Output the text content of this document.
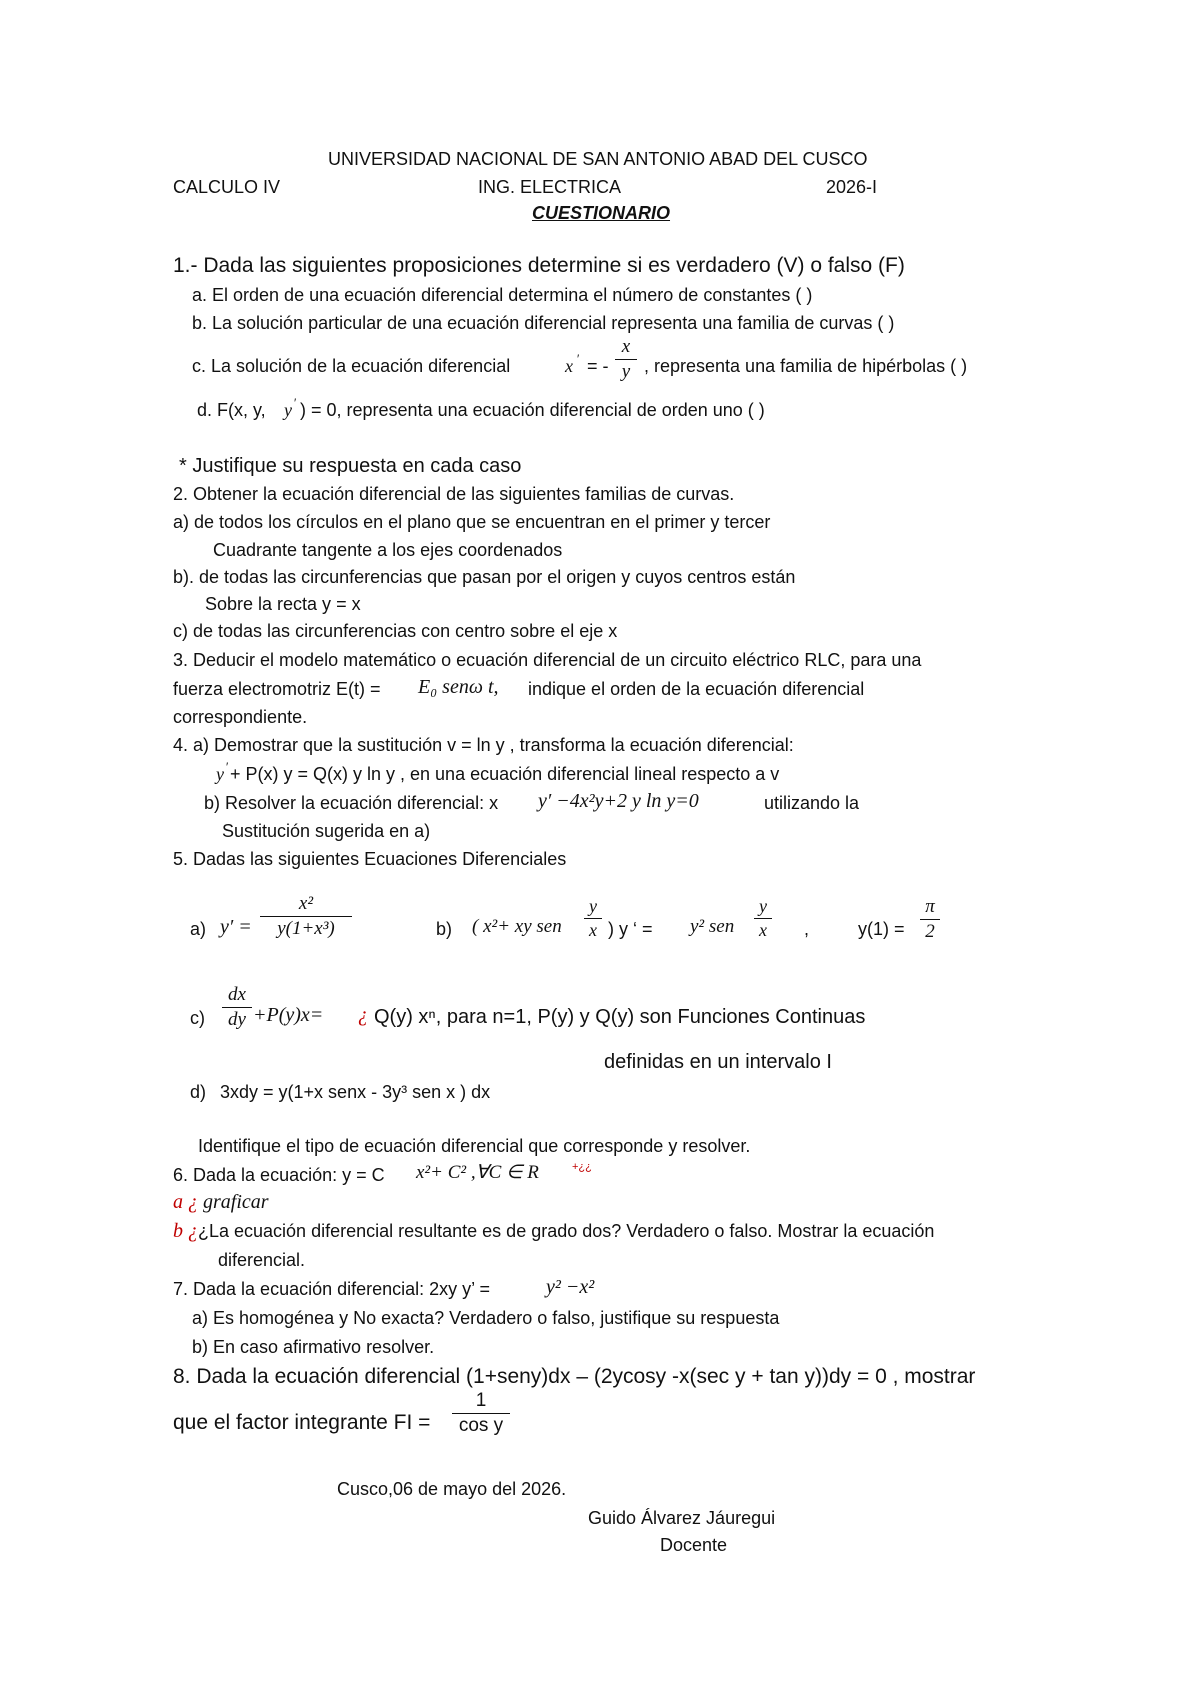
UNIVERSIDAD NACIONAL DE SAN ANTONIO ABAD DEL CUSCO
CALCULO IV	ING. ELECTRICA	2026-I
CUESTIONARIO
1.- Dada las siguientes proposiciones determine si es verdadero (V) o falso (F)
a. El orden de una ecuación diferencial determina el número de constantes ( )
b. La solución particular de una ecuación diferencial representa una familia de curvas ( )
c. La solución de la ecuación diferencial	x ′ = -
x
y , representa una familia de hipérbolas ( )
d. F(x, y, y ′ ) = 0, representa una ecuación diferencial de orden uno ( )
* Justifique su respuesta en cada caso
2. Obtener la ecuación diferencial de las siguientes familias de curvas.
a) de todos los círculos en el plano que se encuentran en el primer y tercer
Cuadrante tangente a los ejes coordenados
b). de todas las circunferencias que pasan por el origen y cuyos centros están
Sobre la recta y = x
c) de todas las circunferencias con centro sobre el eje x
3. Deducir el modelo matemático o ecuación diferencial de un circuito eléctrico RLC, para una
fuerza electromotriz E(t) = E₀ senω t, indique el orden de la ecuación diferencial
correspondiente.
4. a) Demostrar que la sustitución v = ln y , transforma la ecuación diferencial:
y ′ + P(x) y = Q(x) y ln y , en una ecuación diferencial lineal respecto a v
b) Resolver la ecuación diferencial: x y′ −4x²y+2 y ln y=0	utilizando la
Sustitución sugerida en a)
5. Dadas las siguientes Ecuaciones Diferenciales
a) y′ =
x²
y(1+x³)	b) ( x²+ xy sen
y
x ) y ‘ = y² sen
y
x ,	y(1) =
π
2
c)
dx
dy +P(y)x= ¿ Q(y) xⁿ, para n=1, P(y) y Q(y) son Funciones Continuas
definidas en un intervalo I
d) 3xdy = y(1+x senx - 3y³ sen x ) dx
Identifique el tipo de ecuación diferencial que corresponde y resolver.
6. Dada la ecuación: y = C x²+ C² ,∀C ∈ R	+¿¿
a ¿ graficar
b ¿¿La ecuación diferencial resultante es de grado dos? Verdadero o falso. Mostrar la ecuación
diferencial.
7. Dada la ecuación diferencial: 2xy y’ =	y² −x²
a) Es homogénea y No exacta? Verdadero o falso, justifique su respuesta
b) En caso afirmativo resolver.
8. Dada la ecuación diferencial (1+seny)dx – (2ycosy -x(sec y + tan y))dy = 0 , mostrar
que el factor integrante FI =
1
cos y
Cusco,06 de mayo del 2026.
Guido Álvarez Jáuregui
Docente
